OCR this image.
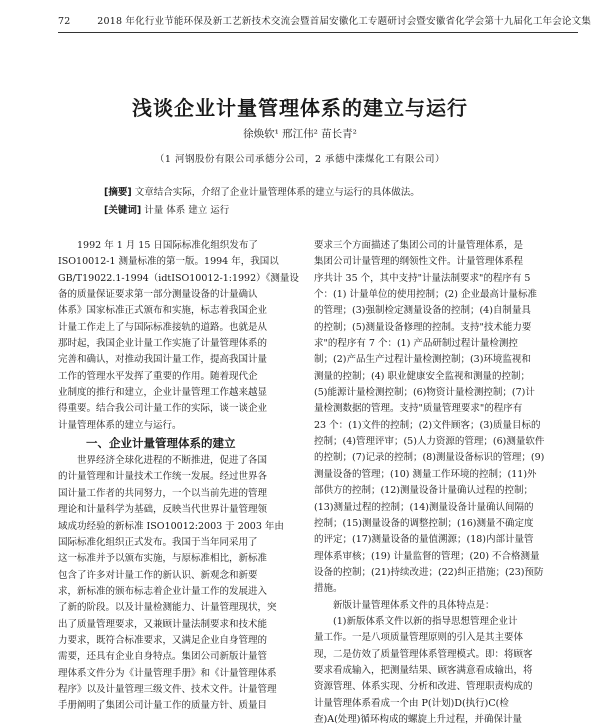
72	2018 年化行业节能环保及新工艺新技术交流会暨首届安徽化工专题研讨会暨安徽省化学会第十九届化工年会论文集
浅谈企业计量管理体系的建立与运行
徐焕软¹ 邢江伟² 苗长青²
（1 河钢股份有限公司承德分公司，2 承德中滦煤化工有限公司）
[摘要] 文章结合实际，介绍了企业计量管理体系的建立与运行的具体做法。
[关键词] 计量 体系 建立 运行
1992 年 1 月 15 日国际标准化组织发布了
ISO10012-1 测量标准的第一版。1994 年，我国以
GB/T19022.1-1994（idtISO10012-1:1992）《测量设
备的质量保证要求第一部分测量设备的计量确认
体系》国家标准正式颁布和实施，标志着我国企业
计量工作走上了与国际标准接轨的道路。也就是从
那时起，我国企业计量工作实施了计量管理体系的
完善和确认，对推动我国计量工作，提高我国计量
工作的管理水平发挥了重要的作用。随着现代企
业制度的推行和建立，企业计量管理工作越来越显
得重要。结合我公司计量工作的实际，谈一谈企业
计量管理体系的建立与运行。
一、企业计量管理体系的建立
世界经济全球化进程的不断推进，促进了各国
的计量管理和计量技术工作统一发展。经过世界各
国计量工作者的共同努力，一个以当前先进的管理
理论和计量科学为基础，反映当代世界计量管理领
域成功经验的新标准 ISO10012:2003 于 2003 年由
国际标准化组织正式发布。我国于当年同采用了
这一标准并予以颁布实施，与原标准相比，新标准
包含了许多对计量工作的新认识、新观念和新要
求，新标准的颁布标志着企业计量工作的发展进入
了新的阶段。以及计量检测能力、计量管理现状，突
出了质量管理要求，又兼顾计量法制要求和技术能
力要求，既符合标准要求，又满足企业自身管理的
需要，还具有企业自身特点。集团公司新版计量管
理体系文件分为《计量管理手册》和《计量管理体系
程序》以及计量管理三级文件、技术文件。计量管理
手册阐明了集团公司计量工作的质量方针、质量目
要求三个方面描述了集团公司的计量管理体系，是
集团公司计量管理的纲领性文件。计量管理体系程
序共计 35 个，其中支持"计量法制要求"的程序有 5
个：(1) 计量单位的使用控制；(2) 企业最高计量标准
的管理；(3)强制检定测量设备的控制；(4)自制量具
的控制；(5)测量设备修理的控制。支持"技术能力要
求"的程序有 7 个：(1) 产品研制过程计量检测控
制；(2)产品生产过程计量检测控制；(3)环境监视和
测量的控制；(4) 职业健康安全监视和测量的控制；
(5)能源计量检测控制；(6)物资计量检测控制；(7)计
量检测数据的管理。支持"质量管理要求"的程序有
23 个：(1)文件的控制；(2)文件顾客；(3)质量目标的
控制；(4)管理评审；(5)人力资源的管理；(6)测量软件
的控制；(7)记录的控制；(8)测量设备标识的管理；(9)
测量设备的管理；(10) 测量工作环境的控制；(11)外
部供方的控制；(12)测量设备计量确认过程的控制；
(13)测量过程的控制；(14)测量设备计量确认间隔的
控制；(15)测量设备的调整控制；(16)测量不确定度
的评定；(17)测量设备的量值溯源；(18)内部计量管
理体系审核；(19) 计量监督的管理；(20) 不合格测量
设备的控制；(21)持续改进；(22)纠正措施；(23)预防
措施。
新版计量管理体系文件的具体特点是：
(1)新版体系文件以新的指导思想管理企业计
量工作。一是八项质量管理原则的引入是其主要体
现，二是仿效了质量管理体系管理模式。即：将顾客
要求看成输入，把测量结果、顾客满意看成输出，将
资源管理、体系实现、分析和改进、管理职责构成的
计量管理体系看成一个由 P(计划)D(执行)C(检
查)A(处理)循环构成的螺旋上升过程，并确保计量
